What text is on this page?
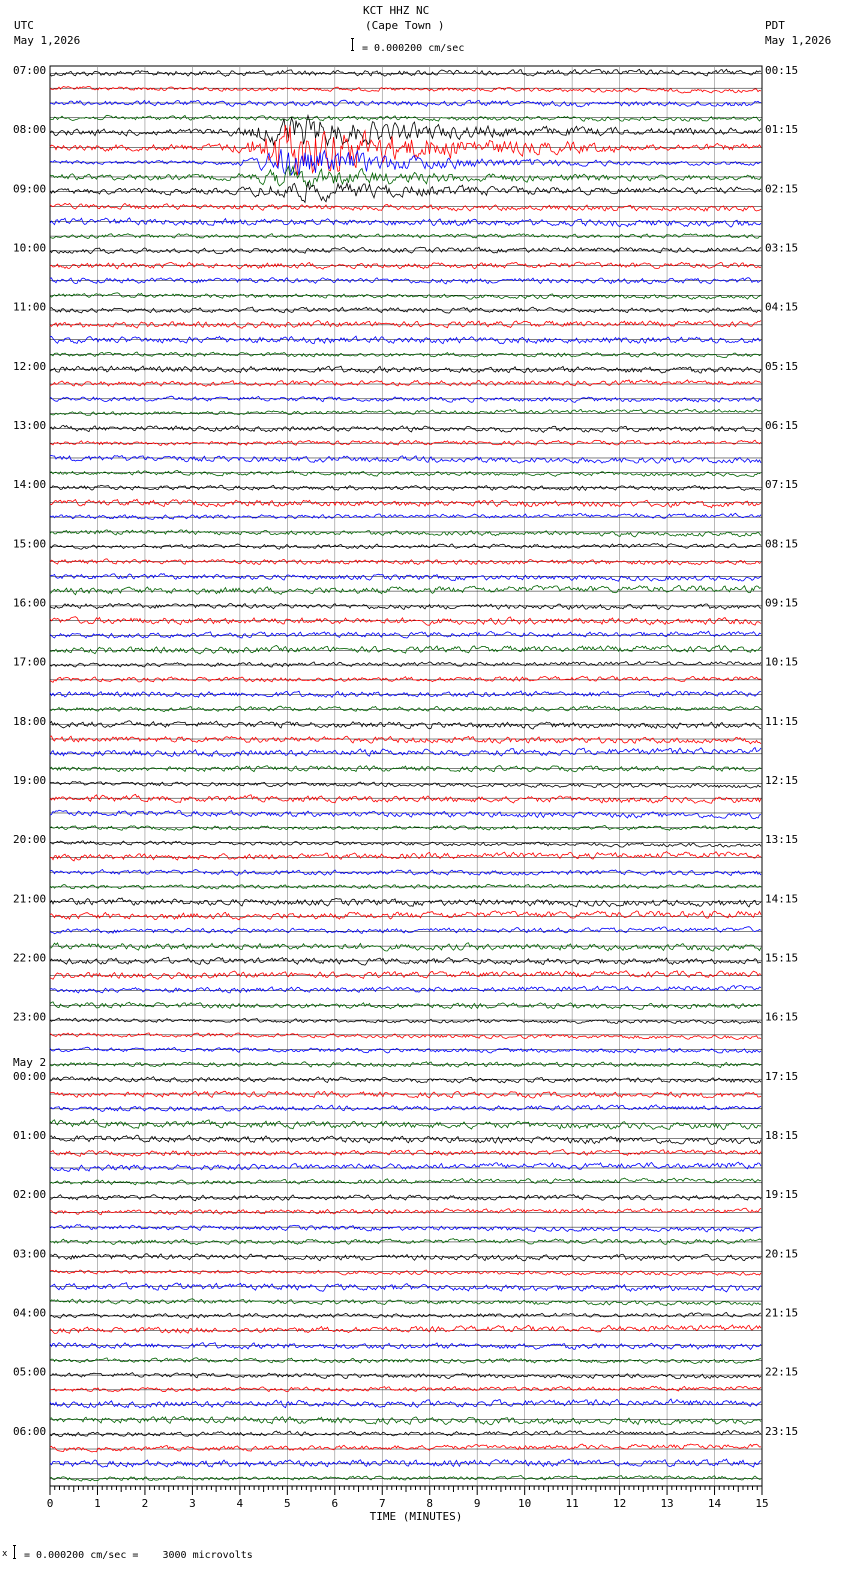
KCT HHZ NC
(Cape Town )
UTC
May 1,2026
PDT
May 1,2026
= 0.000200 cm/sec
x = 0.000200 cm/sec =    3000 microvolts
07:00
08:00
09:00
10:00
11:00
12:00
13:00
14:00
15:00
16:00
17:00
18:00
19:00
20:00
21:00
22:00
23:00
00:00
May 2
01:00
02:00
03:00
04:00
05:00
06:00
00:15
01:15
02:15
03:15
04:15
05:15
06:15
07:15
08:15
09:15
10:15
11:15
12:15
13:15
14:15
15:15
16:15
17:15
18:15
19:15
20:15
21:15
22:15
23:15
0	1	2	3	4	5	6	7	8	9	10	11	12	13	14	15
TIME (MINUTES)
